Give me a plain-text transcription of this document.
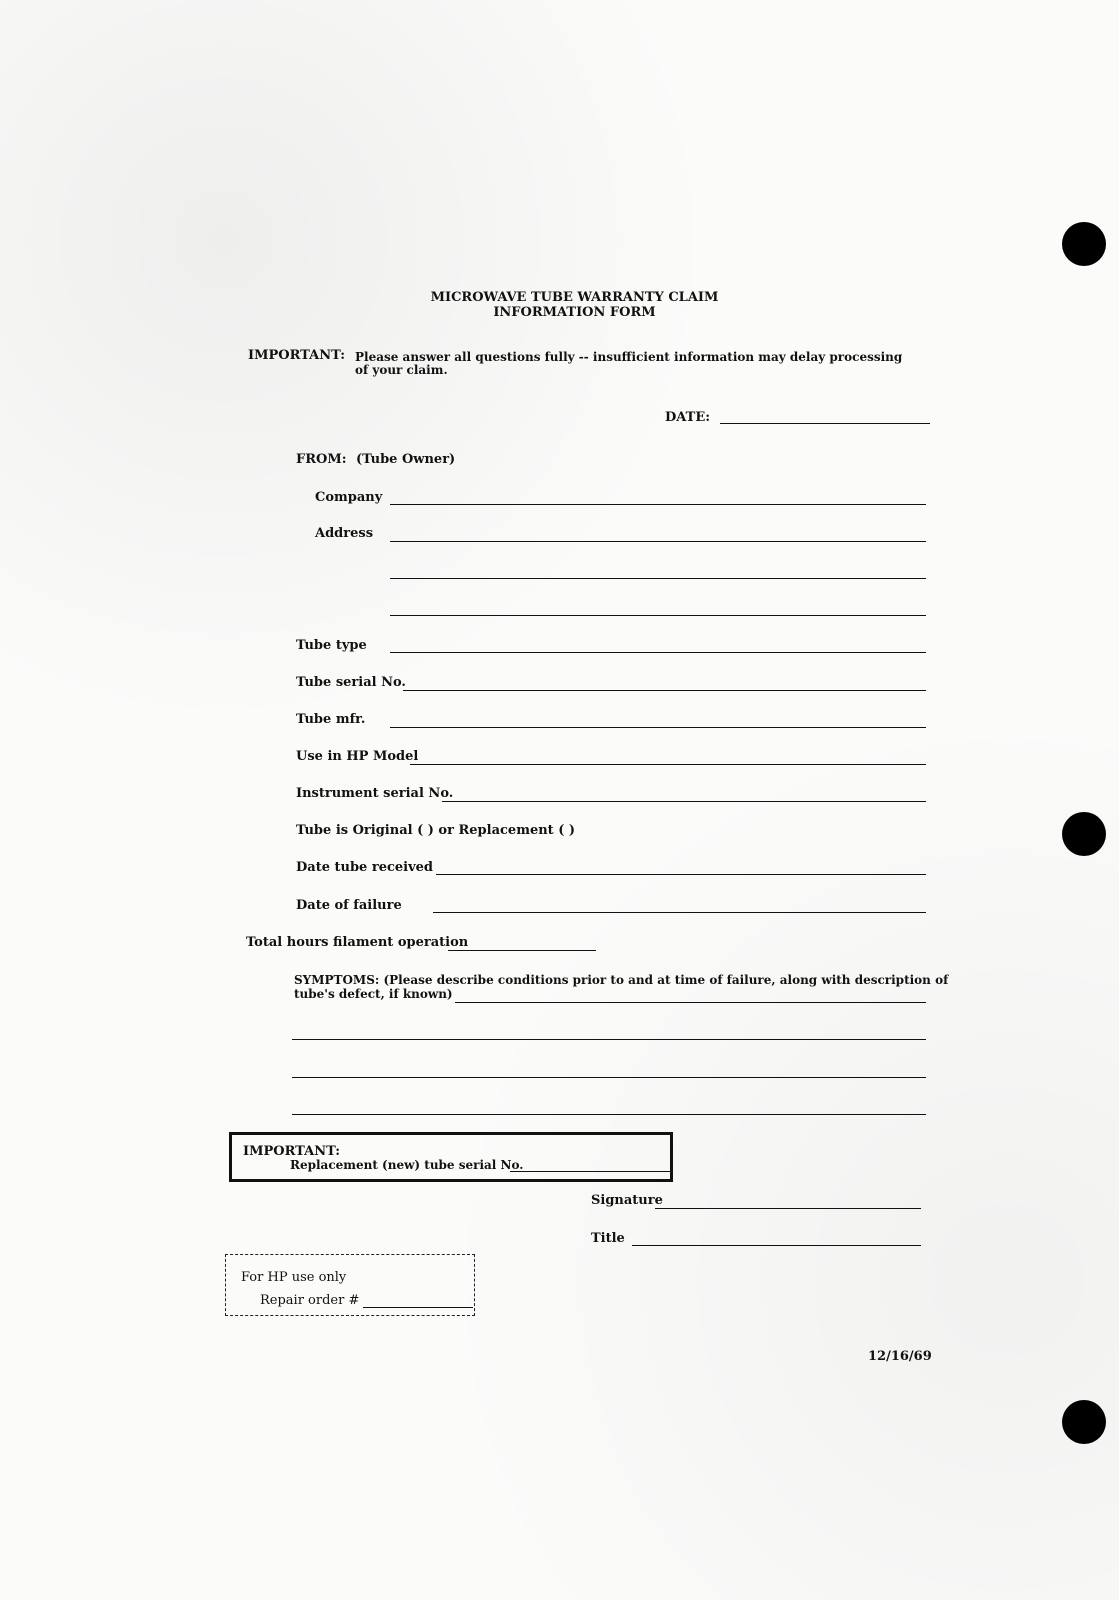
MICROWAVE TUBE WARRANTY CLAIM
INFORMATION FORM
IMPORTANT: Please answer all questions fully -- insufficient information may delay processing
of your claim.
DATE:
FROM: (Tube Owner)
Company
Address
Tube type
Tube serial No.
Tube mfr.
Use in HP Model
Instrument serial No.
Tube is Original ( ) or Replacement ( )
Date tube received
Date of failure
Total hours filament operation
SYMPTOMS: (Please describe conditions prior to and at time of failure, along with description of
tube's defect, if known)
IMPORTANT:
Replacement (new) tube serial No.
Signature
Title
For HP use only
Repair order #
12/16/69
